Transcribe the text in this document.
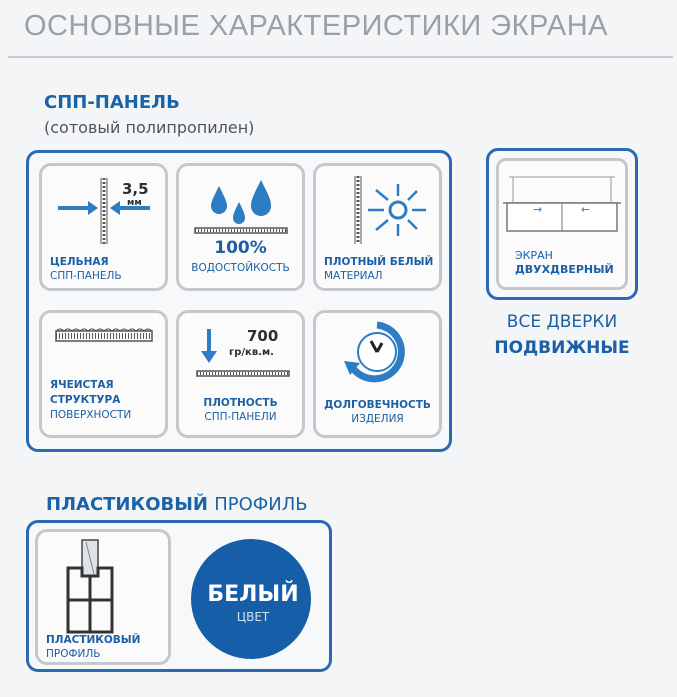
ОСНОВНЫЕ ХАРАКТЕРИСТИКИ ЭКРАНА
СПП-ПАНЕЛЬ
(сотовый полипропилен)
3,5
мм
ЦЕЛЬНАЯ
СПП-ПАНЕЛЬ
100%
ВОДОСТОЙКОСТЬ	ПЛОТНЫЙ БЕЛЫЙ
МАТЕРИАЛ
ЯЧЕИСТАЯ
СТРУКТУРА
ПОВЕРХНОСТИ
700
гр/кв.м.
ПЛОТНОСТЬ
СПП-ПАНЕЛИ
ДОЛГОВЕЧНОСТЬ
ИЗДЕЛИЯ
→	←
ЭКРАН
ДВУХДВЕРНЫЙ
ВСЕ ДВЕРКИ
ПОДВИЖНЫЕ
ПЛАСТИКОВЫЙ ПРОФИЛЬ
ПЛАСТИКОВЫЙ
ПРОФИЛЬ
БЕЛЫЙ
ЦВЕТ
